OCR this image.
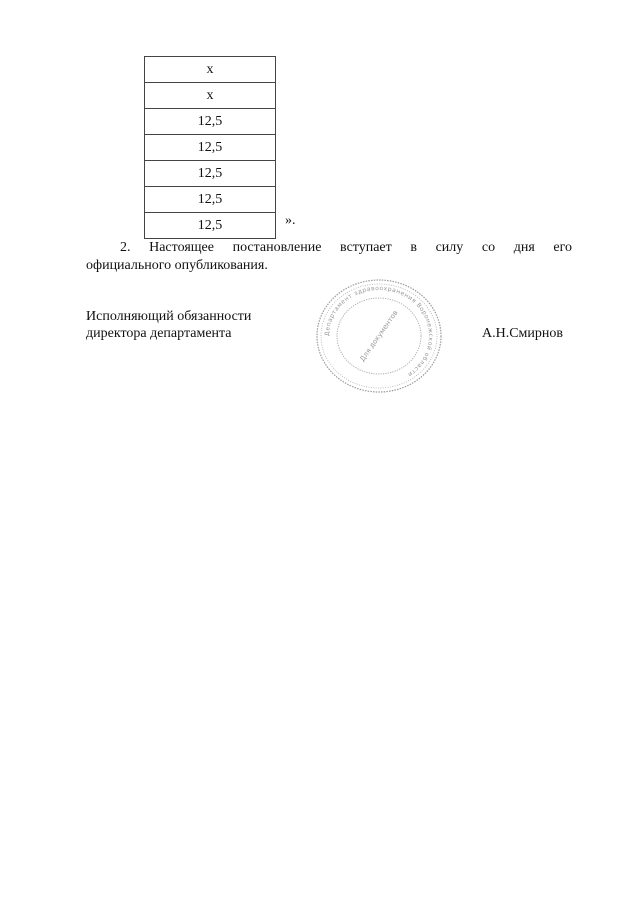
х
х
12,5
12,5
12,5
12,5
12,5	».
2. Настоящее постановление вступает в силу со дня его
официального опубликования.
Исполняющий обязанности
директора департамента	Департамент здравоохранения Воронежской области
Для документов	А.Н.Смирнов
